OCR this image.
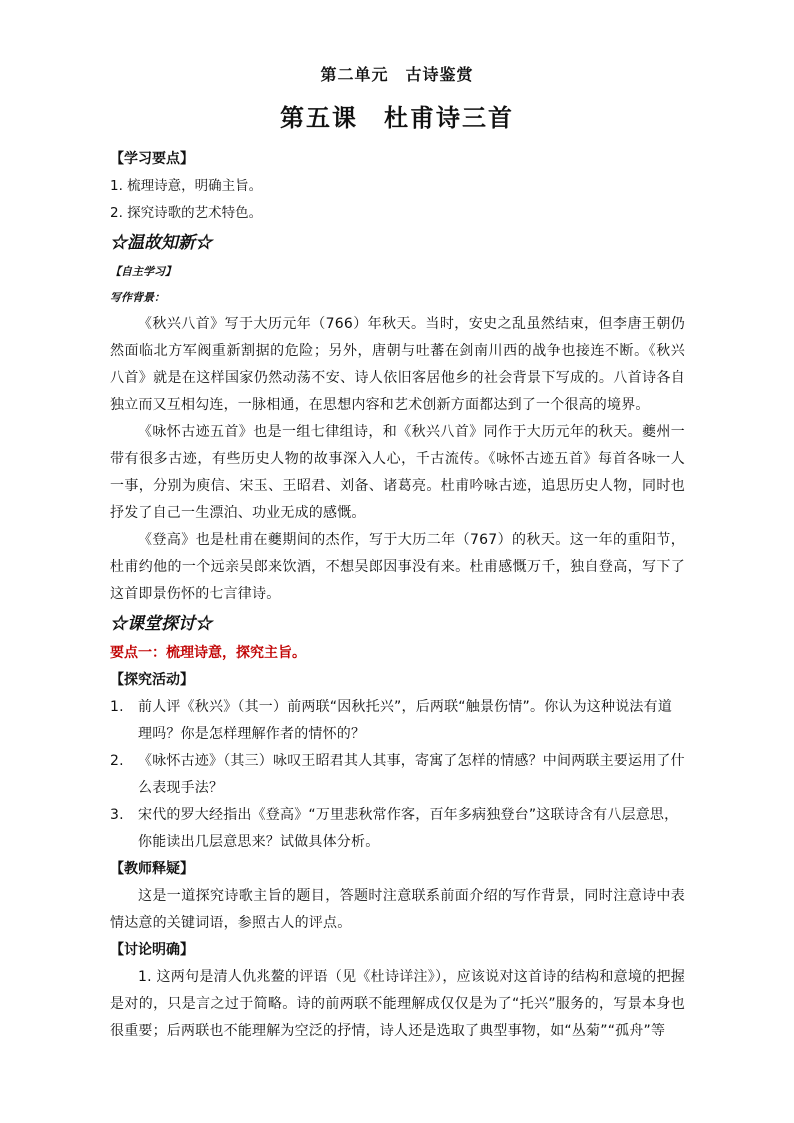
第二单元　古诗鉴赏
第五课　杜甫诗三首
【学习要点】
1. 梳理诗意，明确主旨。
2. 探究诗歌的艺术特色。
☆温故知新☆
【自主学习】
写作背景：
《秋兴八首》写于大历元年（766）年秋天。当时，安史之乱虽然结束，但李唐王朝仍然面临北方军阀重新割据的危险；另外，唐朝与吐蕃在剑南川西的战争也接连不断。《秋兴八首》就是在这样国家仍然动荡不安、诗人依旧客居他乡的社会背景下写成的。八首诗各自独立而又互相勾连，一脉相通，在思想内容和艺术创新方面都达到了一个很高的境界。
《咏怀古迹五首》也是一组七律组诗，和《秋兴八首》同作于大历元年的秋天。夔州一带有很多古迹，有些历史人物的故事深入人心，千古流传。《咏怀古迹五首》每首各咏一人一事，分别为庾信、宋玉、王昭君、刘备、诸葛亮。杜甫吟咏古迹，追思历史人物，同时也抒发了自己一生漂泊、功业无成的感慨。
《登高》也是杜甫在夔期间的杰作，写于大历二年（767）的秋天。这一年的重阳节，杜甫约他的一个远亲吴郎来饮酒，不想吴郎因事没有来。杜甫感慨万千，独自登高，写下了这首即景伤怀的七言律诗。
☆课堂探讨☆
要点一：梳理诗意，探究主旨。
【探究活动】
1. 前人评《秋兴》（其一）前两联“因秋托兴”，后两联“触景伤情”。你认为这种说法有道理吗？你是怎样理解作者的情怀的？
2. 《咏怀古迹》（其三）咏叹王昭君其人其事，寄寓了怎样的情感？中间两联主要运用了什么表现手法？
3. 宋代的罗大经指出《登高》“万里悲秋常作客，百年多病独登台”这联诗含有八层意思，你能读出几层意思来？试做具体分析。
【教师释疑】
这是一道探究诗歌主旨的题目，答题时注意联系前面介绍的写作背景，同时注意诗中表情达意的关键词语，参照古人的评点。
【讨论明确】
1. 这两句是清人仇兆鳌的评语（见《杜诗详注》），应该说对这首诗的结构和意境的把握是对的，只是言之过于简略。诗的前两联不能理解成仅仅是为了“托兴”服务的，写景本身也很重要；后两联也不能理解为空泛的抒情，诗人还是选取了典型事物，如“丛菊”“孤舟”等
